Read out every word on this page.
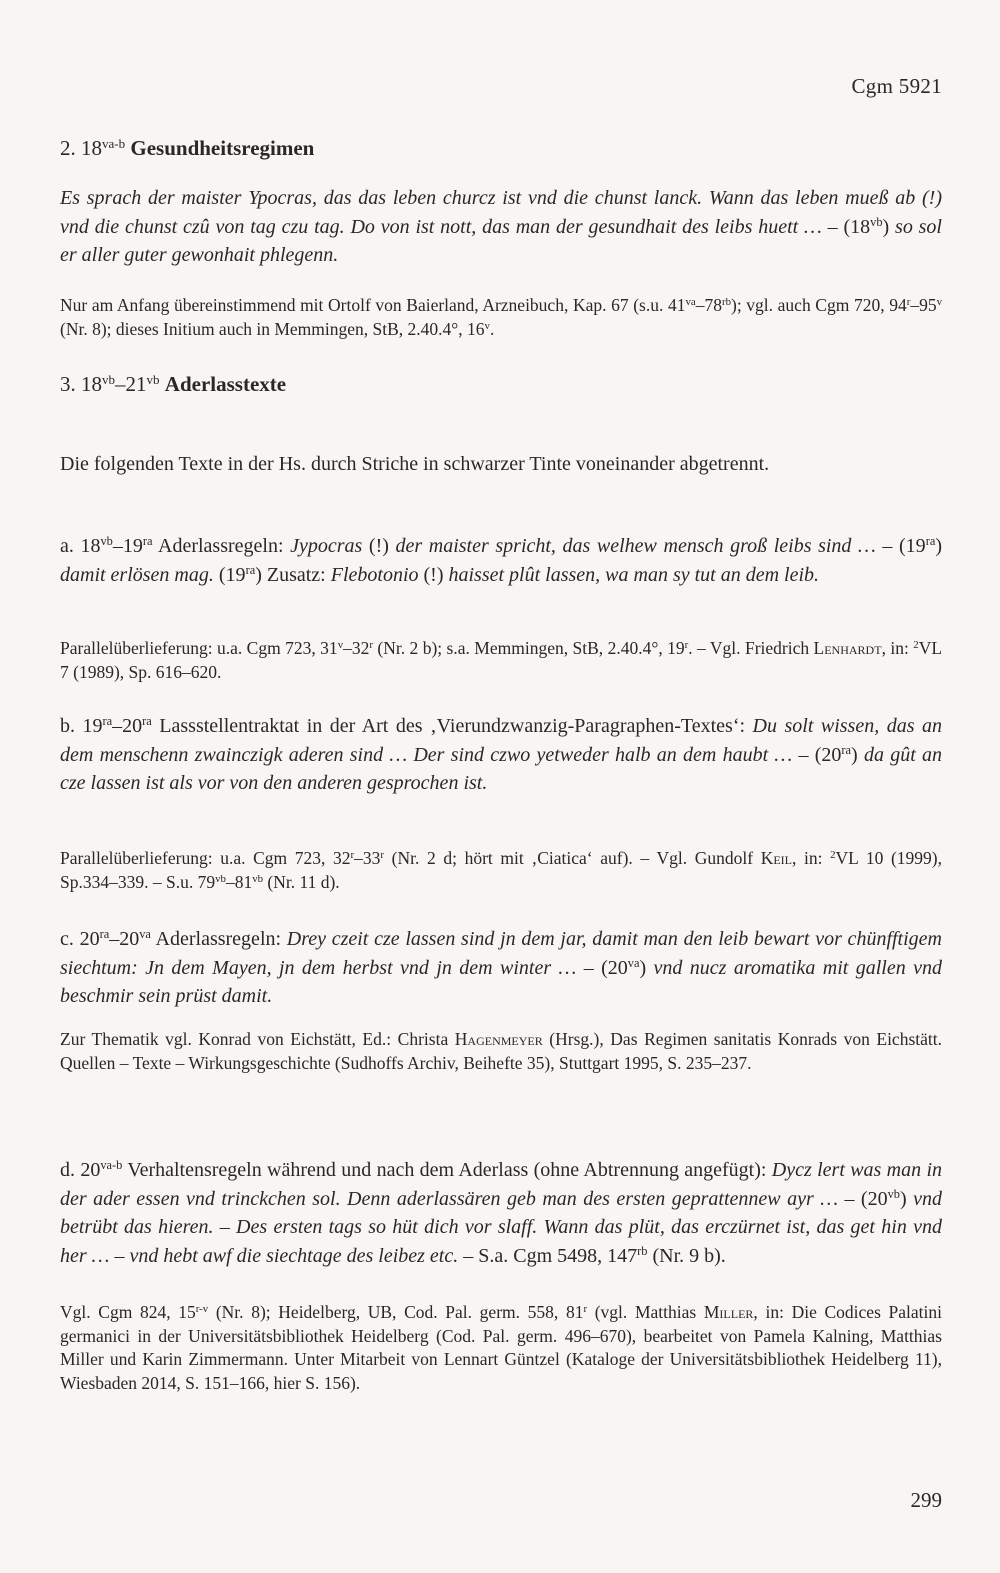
Cgm 5921
2. $18^{va-b}$ Gesundheitsregimen
Es sprach der maister Ypocras, das das leben churcz ist vnd die chunst lanck. Wann das leben mueß ab (!) vnd die chunst czû von tag czu tag. Do von ist nott, das man der gesundhait des leibs huett … – $(18^{vb})$ so sol er aller guter gewonhait phlegenn.
Nur am Anfang übereinstimmend mit Ortolf von Baierland, Arzneibuch, Kap. 67 (s.u. $41^{va}-78^{rb}$); vgl. auch Cgm 720, 94$^r$–95$^v$ (Nr. 8); dieses Initium auch in Memmingen, StB, 2.40.4°, 16$^v$.
3. $18^{vb}-21^{vb}$ Aderlasstexte
Die folgenden Texte in der Hs. durch Striche in schwarzer Tinte voneinander abgetrennt.
a. $18^{vb}-19^{ra}$ Aderlassregeln: Jypocras (!) der maister spricht, das welhew mensch groß leibs sind … – $(19^{ra})$ damit erlösen mag. $(19^{ra})$ Zusatz: Flebotonio (!) haisset plût lassen, wa man sy tut an dem leib.
Parallelüberlieferung: u.a. Cgm 723, 31$^v$–32$^r$ (Nr. 2 b); s.a. Memmingen, StB, 2.40.4°, 19$^r$. – Vgl. Friedrich Lenhardt, in: $^2$VL 7 (1989), Sp. 616–620.
b. $19^{ra}-20^{ra}$ Lassstellentraktat in der Art des ‚Vierundzwanzig-Paragraphen-Textes‘: Du solt wissen, das an dem menschenn zwainczigk aderen sind … Der sind czwo yetweder halb an dem haubt … – $(20^{ra})$ da gût an cze lassen ist als vor von den anderen gesprochen ist.
Parallelüberlieferung: u.a. Cgm 723, 32$^r$–33$^r$ (Nr. 2 d; hört mit ‚Ciatica‘ auf). – Vgl. Gundolf Keil, in: $^2$VL 10 (1999), Sp.334–339. – S.u. $79^{vb}-81^{vb}$ (Nr. 11 d).
c. $20^{ra}-20^{va}$ Aderlassregeln: Drey czeit cze lassen sind jn dem jar, damit man den leib bewart vor chünfftigem siechtum: Jn dem Mayen, jn dem herbst vnd jn dem winter … – $(20^{va})$ vnd nucz aromatika mit gallen vnd beschmir sein prüst damit.
Zur Thematik vgl. Konrad von Eichstätt, Ed.: Christa Hagenmeyer (Hrsg.), Das Regimen sanitatis Konrads von Eichstätt. Quellen – Texte – Wirkungsgeschichte (Sudhoffs Archiv, Beihefte 35), Stuttgart 1995, S. 235–237.
d. $20^{va-b}$ Verhaltensregeln während und nach dem Aderlass (ohne Abtrennung angefügt): Dycz lert was man in der ader essen vnd trinckchen sol. Denn aderlassären geb man des ersten geprattennew ayr … – $(20^{vb})$ vnd betrübt das hieren. – Des ersten tags so hüt dich vor slaff. Wann das plüt, das erczürnet ist, das get hin vnd her … – vnd hebt awf die siechtage des leibez etc. – S.a. Cgm 5498, $147^{rb}$ (Nr. 9 b).
Vgl. Cgm 824, 15$^{r-v}$ (Nr. 8); Heidelberg, UB, Cod. Pal. germ. 558, 81$^r$ (vgl. Matthias Miller, in: Die Codices Palatini germanici in der Universitätsbibliothek Heidelberg (Cod. Pal. germ. 496–670), bearbeitet von Pamela Kalning, Matthias Miller und Karin Zimmermann. Unter Mitarbeit von Lennart Güntzel (Kataloge der Universitätsbibliothek Heidelberg 11), Wiesbaden 2014, S. 151–166, hier S. 156).
299
